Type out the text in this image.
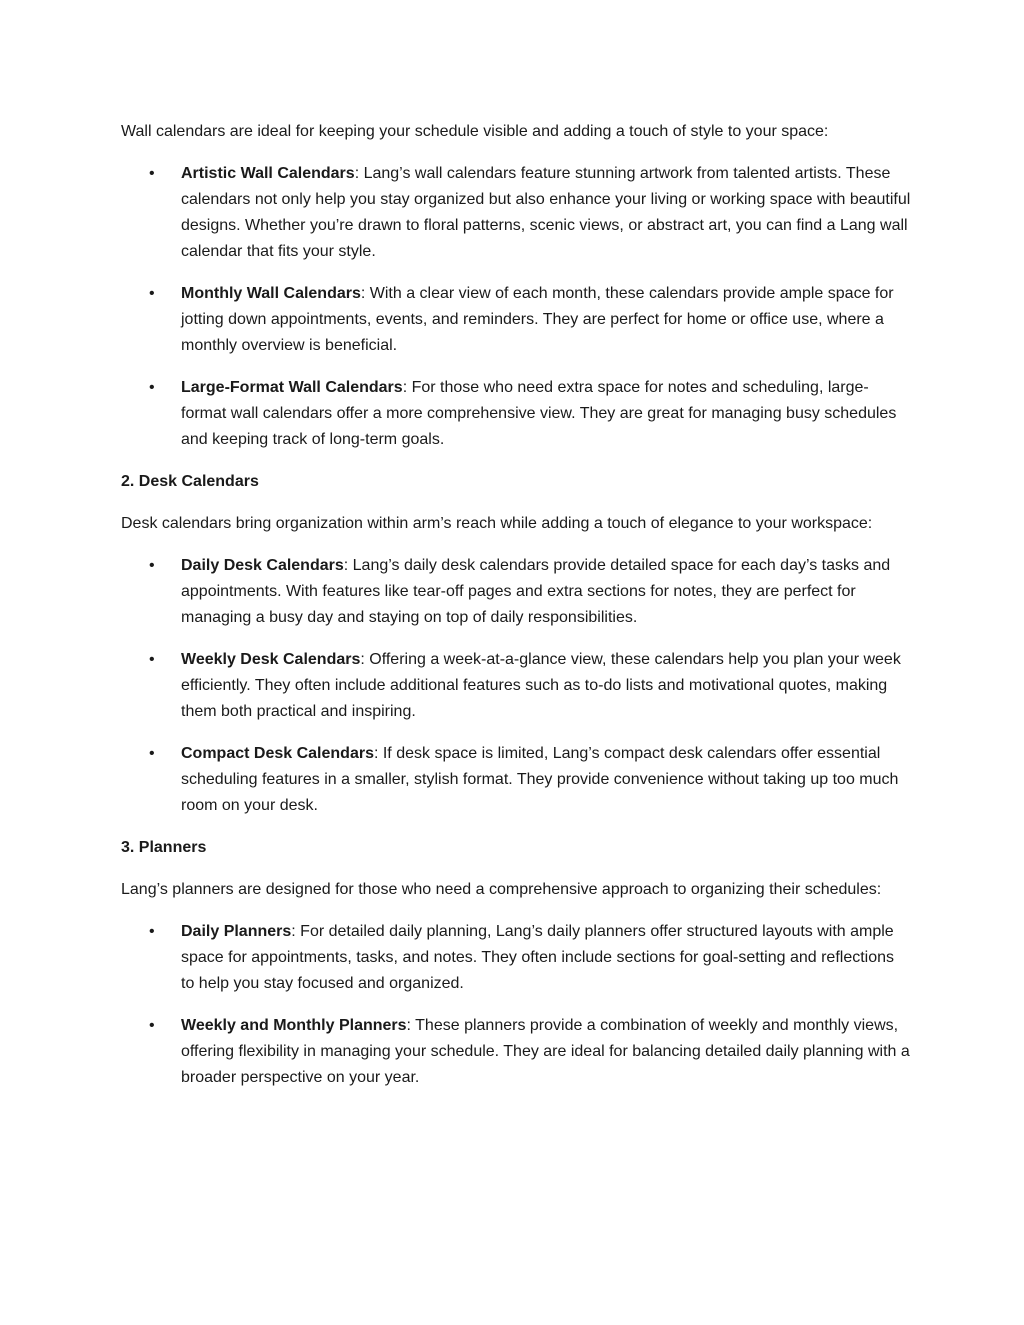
Wall calendars are ideal for keeping your schedule visible and adding a touch of style to your space:

• Artistic Wall Calendars: Lang’s wall calendars feature stunning artwork from talented artists. These calendars not only help you stay organized but also enhance your living or working space with beautiful designs. Whether you’re drawn to floral patterns, scenic views, or abstract art, you can find a Lang wall calendar that fits your style.
• Monthly Wall Calendars: With a clear view of each month, these calendars provide ample space for jotting down appointments, events, and reminders. They are perfect for home or office use, where a monthly overview is beneficial.
• Large-Format Wall Calendars: For those who need extra space for notes and scheduling, large-format wall calendars offer a more comprehensive view. They are great for managing busy schedules and keeping track of long-term goals.
2. Desk Calendars

Desk calendars bring organization within arm’s reach while adding a touch of elegance to your workspace:

• Daily Desk Calendars: Lang’s daily desk calendars provide detailed space for each day’s tasks and appointments. With features like tear-off pages and extra sections for notes, they are perfect for managing a busy day and staying on top of daily responsibilities.
• Weekly Desk Calendars: Offering a week-at-a-glance view, these calendars help you plan your week efficiently. They often include additional features such as to-do lists and motivational quotes, making them both practical and inspiring.
• Compact Desk Calendars: If desk space is limited, Lang’s compact desk calendars offer essential scheduling features in a smaller, stylish format. They provide convenience without taking up too much room on your desk.
3. Planners

Lang’s planners are designed for those who need a comprehensive approach to organizing their schedules:

• Daily Planners: For detailed daily planning, Lang’s daily planners offer structured layouts with ample space for appointments, tasks, and notes. They often include sections for goal-setting and reflections to help you stay focused and organized.
• Weekly and Monthly Planners: These planners provide a combination of weekly and monthly views, offering flexibility in managing your schedule. They are ideal for balancing detailed daily planning with a broader perspective on your year.
